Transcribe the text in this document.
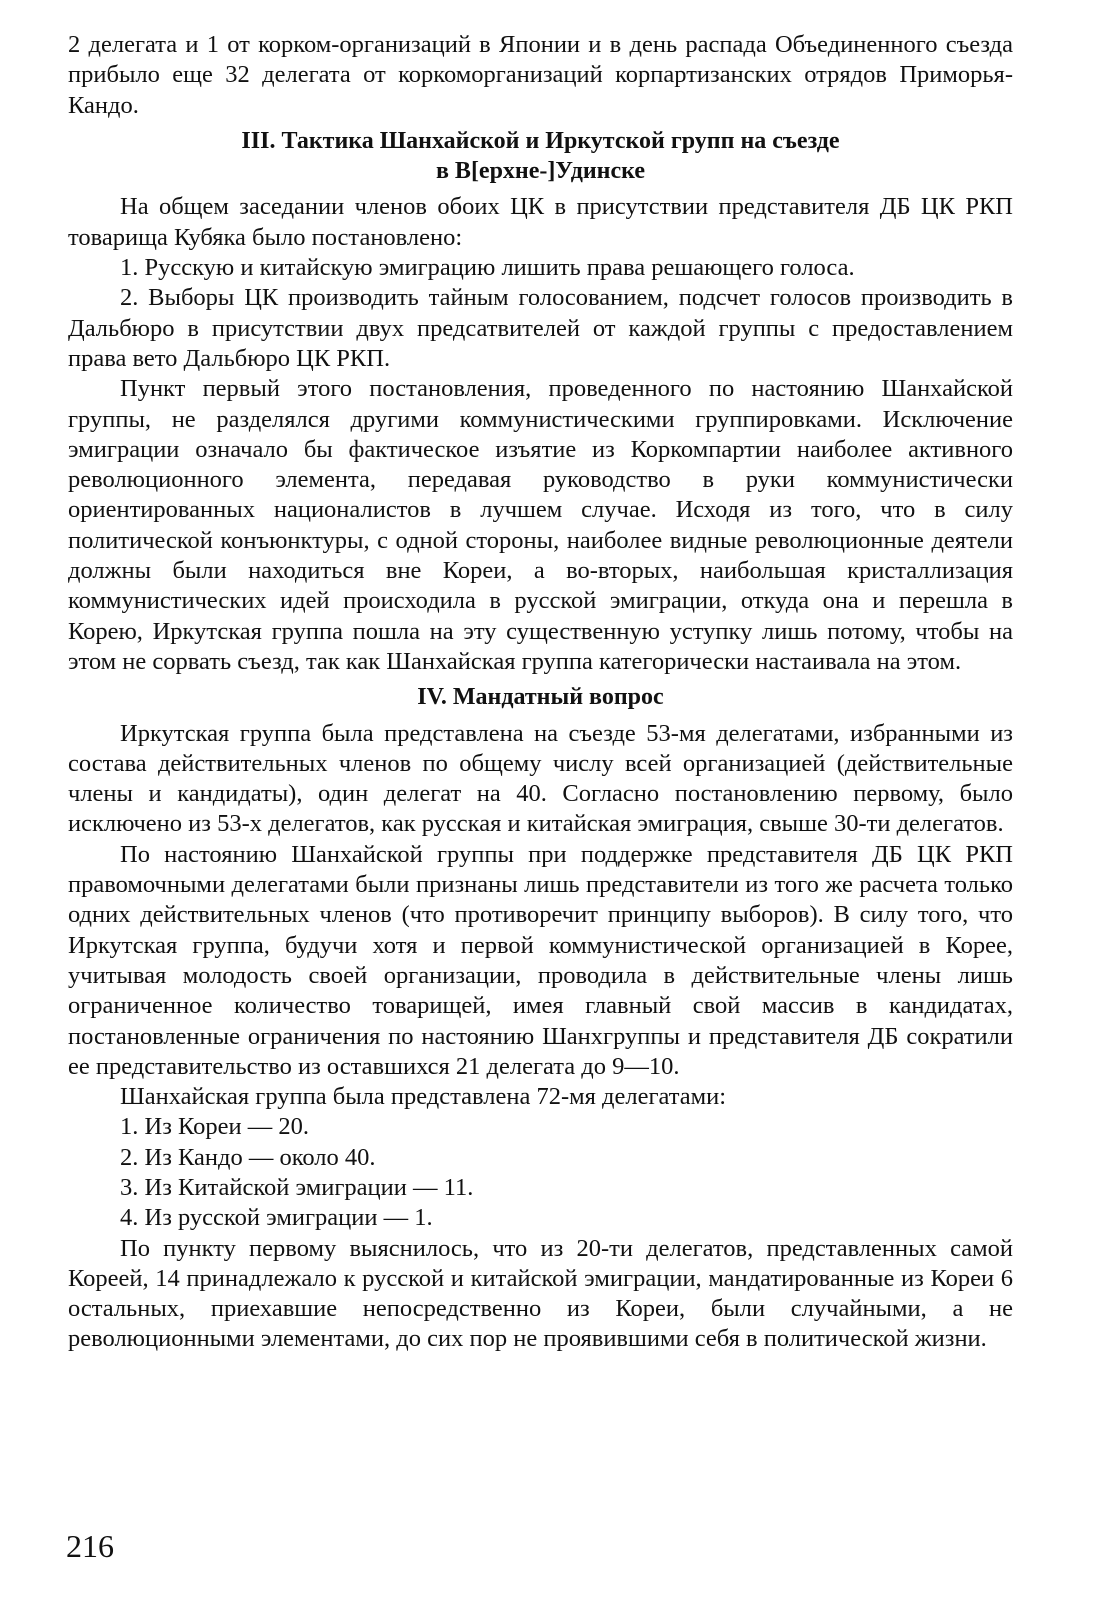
2 делегата и 1 от корком-организаций в Японии и в день распада Объединенного съезда прибыло еще 32 делегата от коркоморганизаций корпартизанских отрядов Приморья-Кандо.

III. Тактика Шанхайской и Иркутской групп на съезде
в В[ерхне-]Удинске

На общем заседании членов обоих ЦК в присутствии представителя ДБ ЦК РКП товарища Кубяка было постановлено:

1. Русскую и китайскую эмиграцию лишить права решающего голоса.

2. Выборы ЦК производить тайным голосованием, подсчет голосов производить в Дальбюро в присутствии двух предсатвителей от каждой группы с предоставлением права вето Дальбюро ЦК РКП.

Пункт первый этого постановления, проведенного по настоянию Шанхайской группы, не разделялся другими коммунистическими группировками. Исключение эмиграции означало бы фактическое изъятие из Коркомпартии наиболее активного революционного элемента, передавая руководство в руки коммунистически ориентированных националистов в лучшем случае. Исходя из того, что в силу политической конъюнктуры, с одной стороны, наиболее видные революционные деятели должны были находиться вне Кореи, а во-вторых, наибольшая кристаллизация коммунистических идей происходила в русской эмиграции, откуда она и перешла в Корею, Иркутская группа пошла на эту существенную уступку лишь потому, чтобы на этом не сорвать съезд, так как Шанхайская группа категорически настаивала на этом.

IV. Мандатный вопрос

Иркутская группа была представлена на съезде 53-мя делегатами, избранными из состава действительных членов по общему числу всей организацией (действительные члены и кандидаты), один делегат на 40. Согласно постановлению первому, было исключено из 53-х делегатов, как русская и китайская эмиграция, свыше 30-ти делегатов.

По настоянию Шанхайской группы при поддержке представителя ДБ ЦК РКП правомочными делегатами были признаны лишь представители из того же расчета только одних действительных членов (что противоречит принципу выборов). В силу того, что Иркутская группа, будучи хотя и первой коммунистической организацией в Корее, учитывая молодость своей организации, проводила в действительные члены лишь ограниченное количество товарищей, имея главный свой массив в кандидатах, постановленные ограничения по настоянию Шанхгруппы и представителя ДБ сократили ее представительство из оставшихся 21 делегата до 9—10.

Шанхайская группа была представлена 72-мя делегатами:

1. Из Кореи — 20.

2. Из Кандо — около 40.

3. Из Китайской эмиграции — 11.

4. Из русской эмиграции — 1.

По пункту первому выяснилось, что из 20-ти делегатов, представленных самой Кореей, 14 принадлежало к русской и китайской эмиграции, мандатированные из Кореи 6 остальных, приехавшие непосредственно из Кореи, были случайными, а не революционными элементами, до сих пор не проявившими себя в политической жизни.

216
